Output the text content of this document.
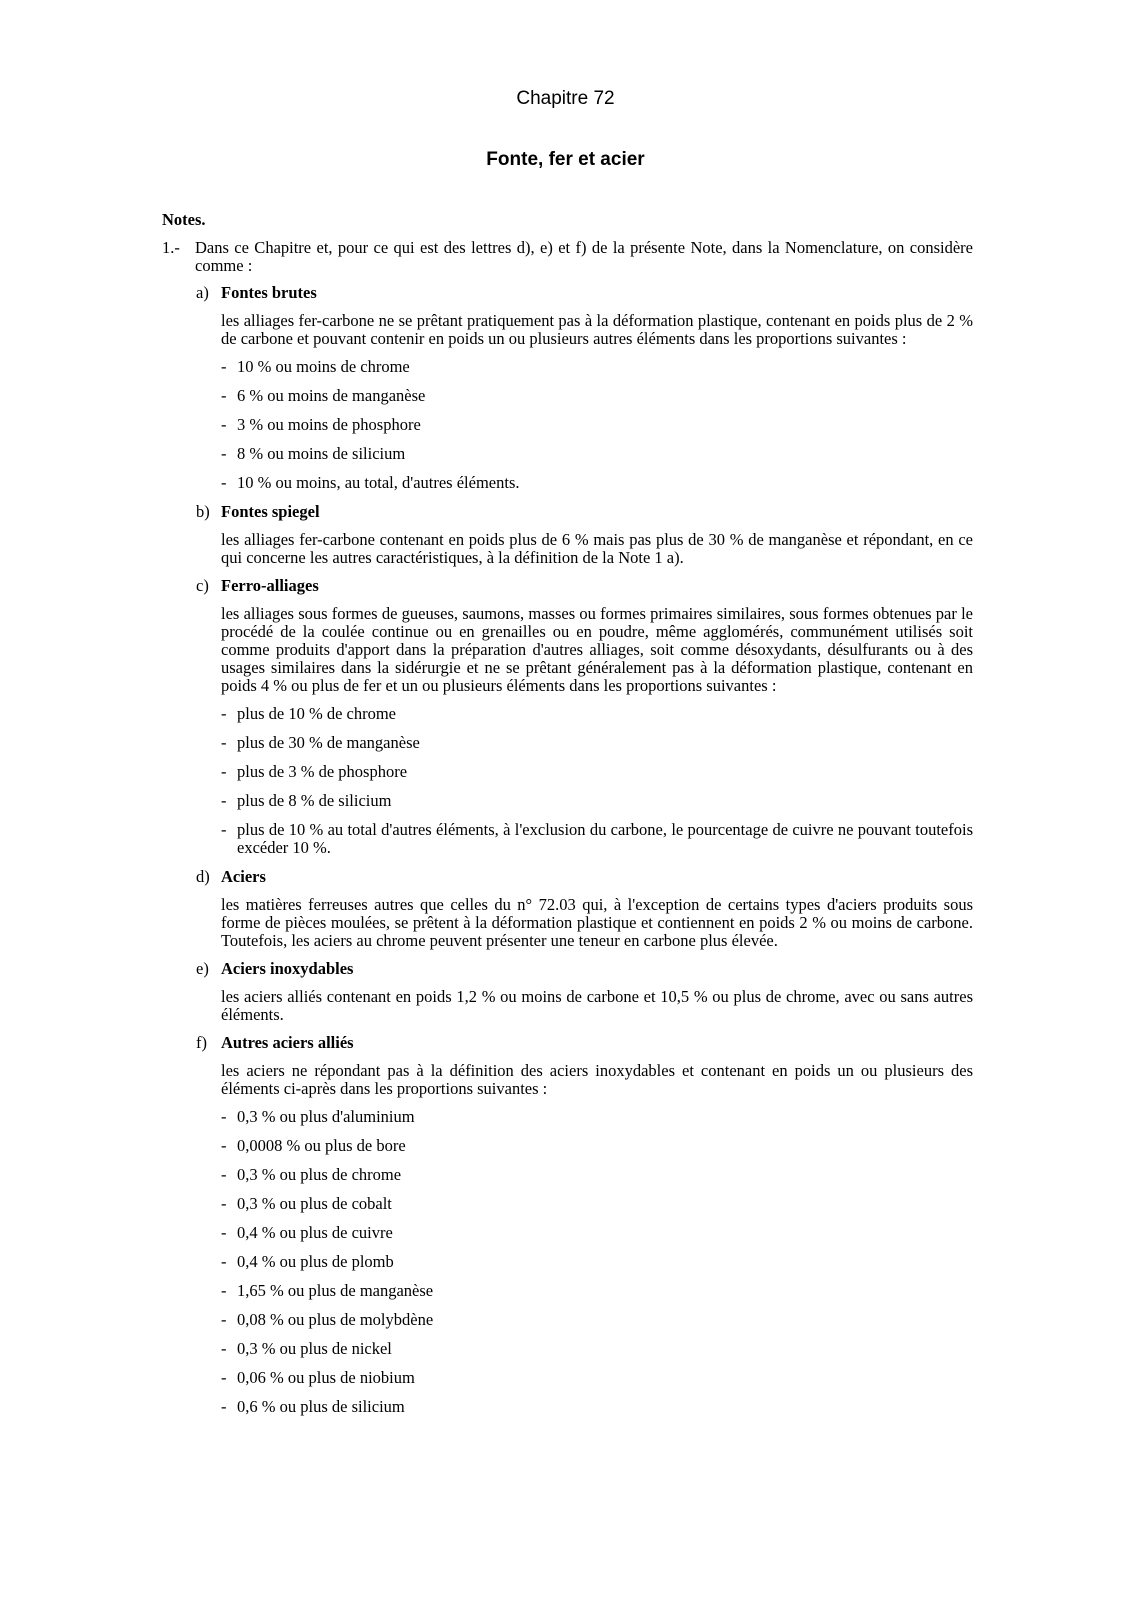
Chapitre 72
Fonte, fer et acier
Notes.
1.- Dans ce Chapitre et, pour ce qui est des lettres d), e) et f) de la présente Note, dans la Nomenclature, on considère comme :
a) Fontes brutes
les alliages fer-carbone ne se prêtant pratiquement pas à la déformation plastique, contenant en poids plus de 2 % de carbone et pouvant contenir en poids un ou plusieurs autres éléments dans les proportions suivantes :
- 10 % ou moins de chrome
- 6 % ou moins de manganèse
- 3 % ou moins de phosphore
- 8 % ou moins de silicium
- 10 % ou moins, au total, d'autres éléments.
b) Fontes spiegel
les alliages fer-carbone contenant en poids plus de 6 % mais pas plus de 30 % de manganèse et répondant, en ce qui concerne les autres caractéristiques, à la définition de la Note 1 a).
c) Ferro-alliages
les alliages sous formes de gueuses, saumons, masses ou formes primaires similaires, sous formes obtenues par le procédé de la coulée continue ou en grenailles ou en poudre, même agglomérés, communément utilisés soit comme produits d'apport dans la préparation d'autres alliages, soit comme désoxydants, désulfurants ou à des usages similaires dans la sidérurgie et ne se prêtant généralement pas à la déformation plastique, contenant en poids 4 % ou plus de fer et un ou plusieurs éléments dans les proportions suivantes :
- plus de 10 % de chrome
- plus de 30 % de manganèse
- plus de 3 % de phosphore
- plus de 8 % de silicium
- plus de 10 % au total d'autres éléments, à l'exclusion du carbone, le pourcentage de cuivre ne pouvant toutefois excéder 10 %.
d) Aciers
les matières ferreuses autres que celles du n° 72.03 qui, à l'exception de certains types d'aciers produits sous forme de pièces moulées, se prêtent à la déformation plastique et contiennent en poids 2 % ou moins de carbone. Toutefois, les aciers au chrome peuvent présenter une teneur en carbone plus élevée.
e) Aciers inoxydables
les aciers alliés contenant en poids 1,2 % ou moins de carbone et 10,5 % ou plus de chrome, avec ou sans autres éléments.
f) Autres aciers alliés
les aciers ne répondant pas à la définition des aciers inoxydables et contenant en poids un ou plusieurs des éléments ci-après dans les proportions suivantes :
- 0,3 % ou plus d'aluminium
- 0,0008 % ou plus de bore
- 0,3 % ou plus de chrome
- 0,3 % ou plus de cobalt
- 0,4 % ou plus de cuivre
- 0,4 % ou plus de plomb
- 1,65 % ou plus de manganèse
- 0,08 % ou plus de molybdène
- 0,3 % ou plus de nickel
- 0,06 % ou plus de niobium
- 0,6 % ou plus de silicium
